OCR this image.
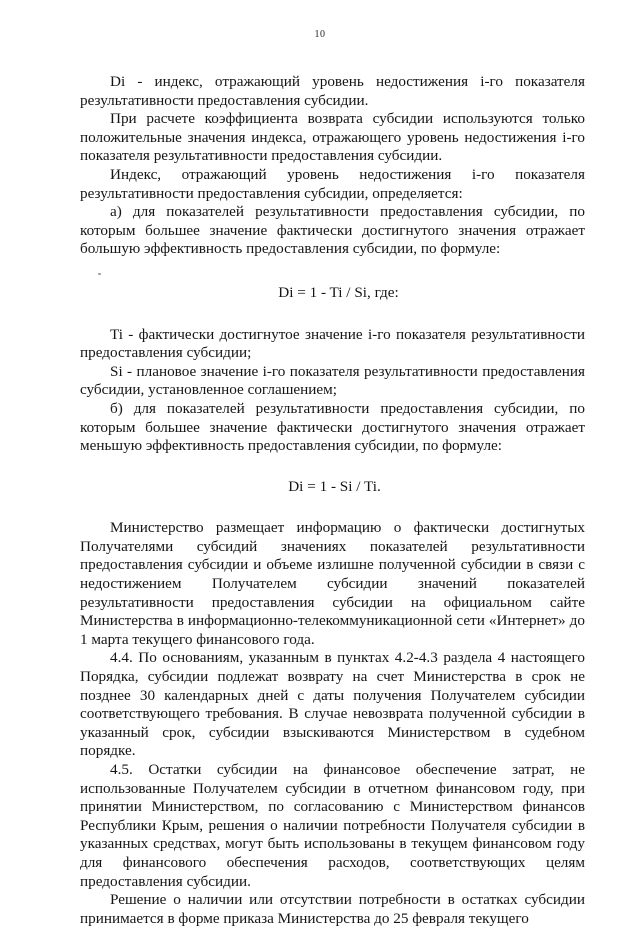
10

Di - индекс, отражающий уровень недостижения i-го показателя результативности предоставления субсидии.

При расчете коэффициента возврата субсидии используются только положительные значения индекса, отражающего уровень недостижения i-го показателя результативности предоставления субсидии.

Индекс, отражающий уровень недостижения i-го показателя результативности предоставления субсидии, определяется:

а) для показателей результативности предоставления субсидии, по которым большее значение фактически достигнутого значения отражает большую эффективность предоставления субсидии, по формуле:

Di = 1 - Ti / Si, где:

Ti - фактически достигнутое значение i-го показателя результативности предоставления субсидии;

Si - плановое значение i-го показателя результативности предоставления субсидии, установленное соглашением;

б) для показателей результативности предоставления субсидии, по которым большее значение фактически достигнутого значения отражает меньшую эффективность предоставления субсидии, по формуле:

Di = 1 - Si / Ti.

Министерство размещает информацию о фактически достигнутых Получателями субсидий значениях показателей результативности предоставления субсидии и объеме излишне полученной субсидии в связи с недостижением Получателем субсидии значений показателей результативности предоставления субсидии на официальном сайте Министерства в информационно-телекоммуникационной сети «Интернет» до 1 марта текущего финансового года.

4.4. По основаниям, указанным в пунктах 4.2-4.3 раздела 4 настоящего Порядка, субсидии подлежат возврату на счет Министерства в срок не позднее 30 календарных дней с даты получения Получателем субсидии соответствующего требования. В случае невозврата полученной субсидии в указанный срок, субсидии взыскиваются Министерством в судебном порядке.

4.5. Остатки субсидии на финансовое обеспечение затрат, не использованные Получателем субсидии в отчетном финансовом году, при принятии Министерством, по согласованию с Министерством финансов Республики Крым, решения о наличии потребности Получателя субсидии в указанных средствах, могут быть использованы в текущем финансовом году для финансового обеспечения расходов, соответствующих целям предоставления субсидии.

Решение о наличии или отсутствии потребности в остатках субсидии принимается в форме приказа Министерства до 25 февраля текущего
